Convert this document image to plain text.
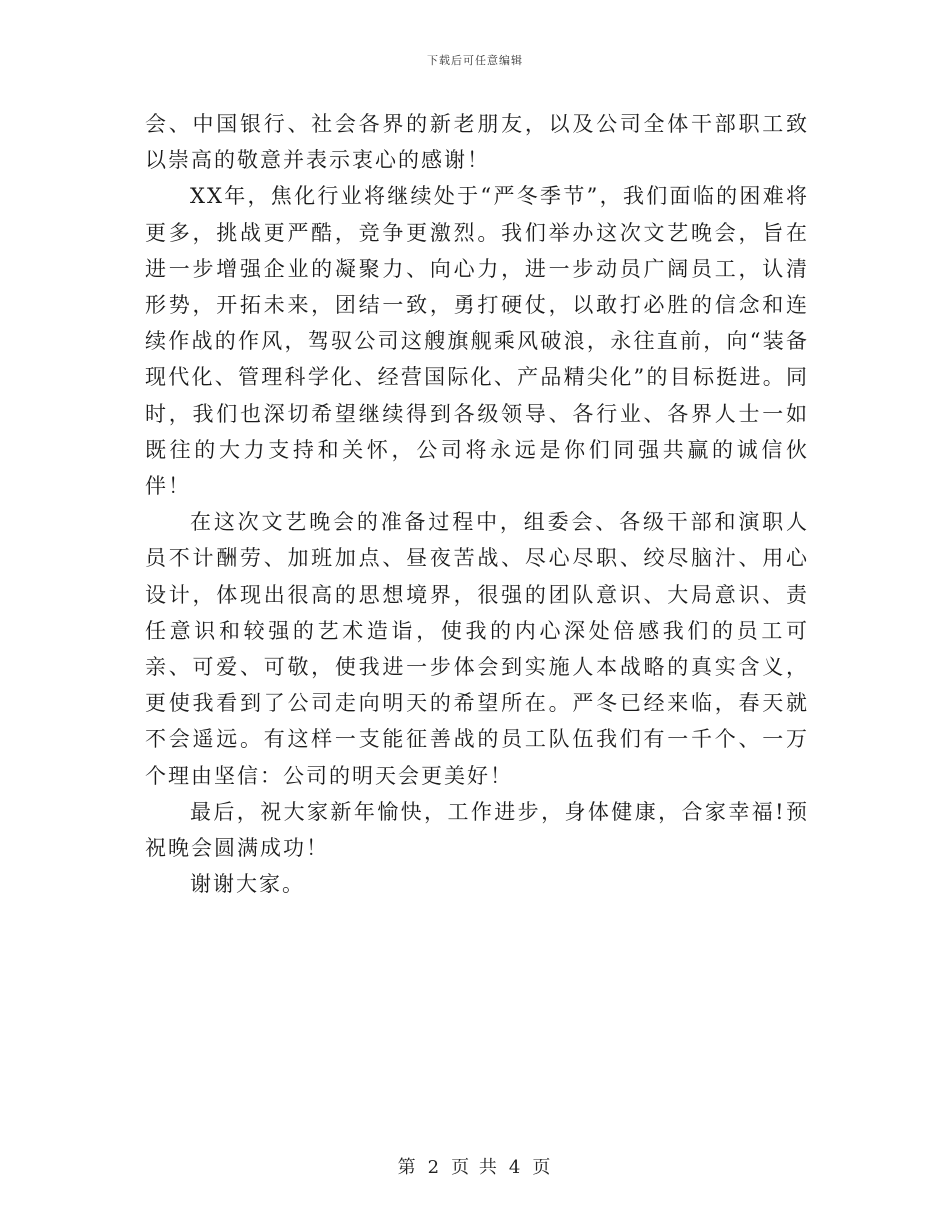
下载后可任意编辑

会、中国银行、社会各界的新老朋友，以及公司全体干部职工致以崇高的敬意并表示衷心的感谢！

XX年，焦化行业将继续处于“严冬季节”，我们面临的困难将更多，挑战更严酷，竞争更激烈。我们举办这次文艺晚会，旨在进一步增强企业的凝聚力、向心力，进一步动员广阔员工，认清形势，开拓未来，团结一致，勇打硬仗，以敢打必胜的信念和连续作战的作风，驾驭公司这艘旗舰乘风破浪，永往直前，向“装备现代化、管理科学化、经营国际化、产品精尖化”的目标挺进。同时，我们也深切希望继续得到各级领导、各行业、各界人士一如既往的大力支持和关怀，公司将永远是你们同强共赢的诚信伙伴！

在这次文艺晚会的准备过程中，组委会、各级干部和演职人员不计酬劳、加班加点、昼夜苦战、尽心尽职、绞尽脑汁、用心设计，体现出很高的思想境界，很强的团队意识、大局意识、责任意识和较强的艺术造诣，使我的内心深处倍感我们的员工可亲、可爱、可敬，使我进一步体会到实施人本战略的真实含义，更使我看到了公司走向明天的希望所在。严冬已经来临，春天就不会遥远。有这样一支能征善战的员工队伍我们有一千个、一万个理由坚信：公司的明天会更美好！

最后，祝大家新年愉快，工作进步，身体健康，合家幸福!预祝晚会圆满成功！

谢谢大家。

第 2 页 共 4 页
